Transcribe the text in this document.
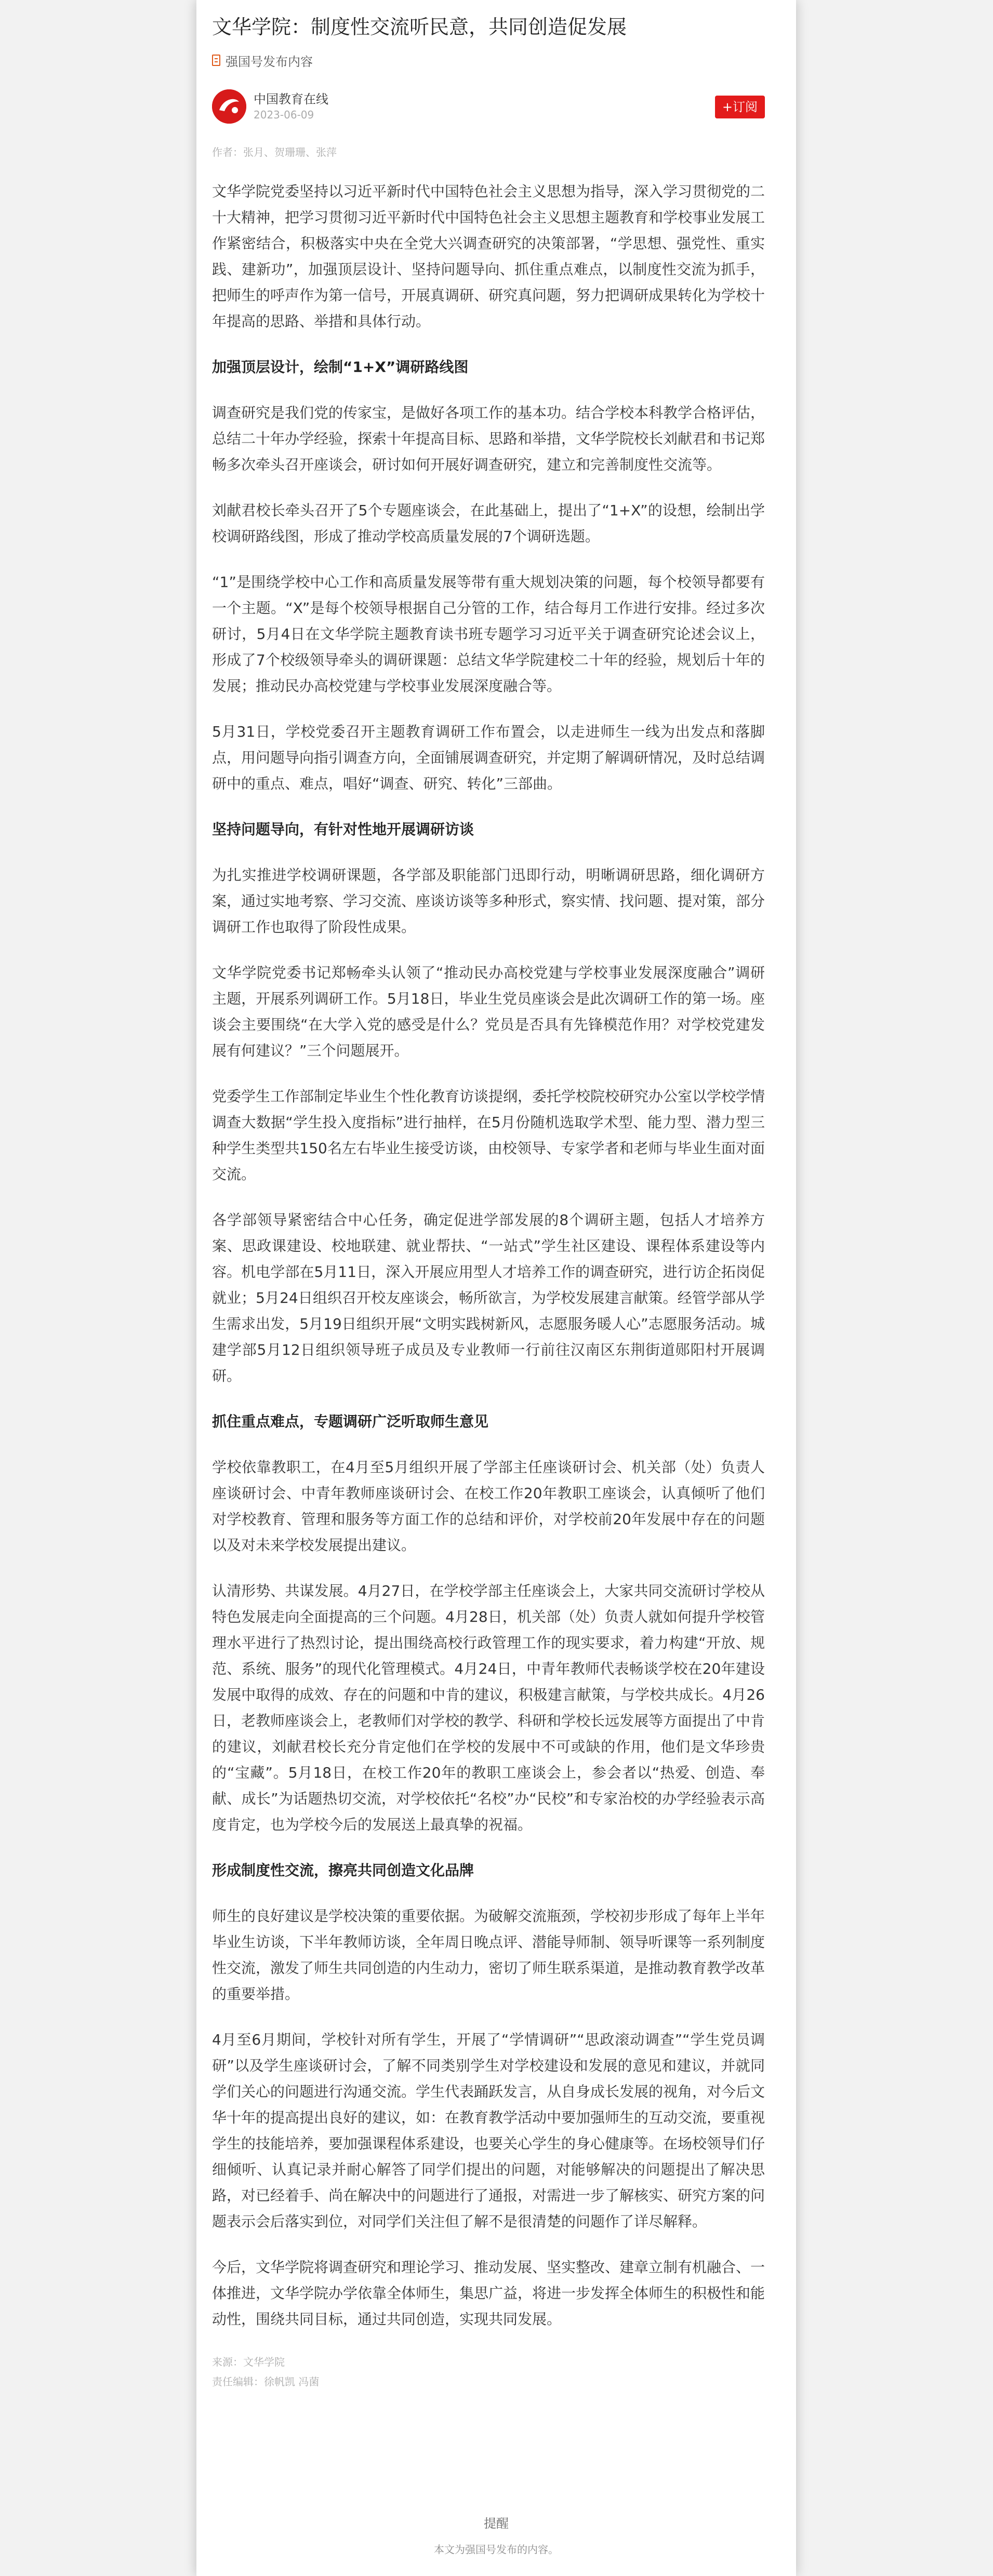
文华学院：制度性交流听民意，共同创造促发展
强国号发布内容
中国教育在线
2023-06-09
+订阅
作者：张月、贺珊珊、张萍

文华学院党委坚持以习近平新时代中国特色社会主义思想为指导，深入学习贯彻党的二十大精神，把学习贯彻习近平新时代中国特色社会主义思想主题教育和学校事业发展工作紧密结合，积极落实中央在全党大兴调查研究的决策部署，“学思想、强党性、重实践、建新功”，加强顶层设计、坚持问题导向、抓住重点难点，以制度性交流为抓手，把师生的呼声作为第一信号，开展真调研、研究真问题，努力把调研成果转化为学校十年提高的思路、举措和具体行动。

加强顶层设计，绘制“1+X”调研路线图

调查研究是我们党的传家宝，是做好各项工作的基本功。结合学校本科教学合格评估，总结二十年办学经验，探索十年提高目标、思路和举措，文华学院校长刘献君和书记郑畅多次牵头召开座谈会，研讨如何开展好调查研究，建立和完善制度性交流等。

刘献君校长牵头召开了5个专题座谈会，在此基础上，提出了“1+X”的设想，绘制出学校调研路线图，形成了推动学校高质量发展的7个调研选题。

“1”是围绕学校中心工作和高质量发展等带有重大规划决策的问题，每个校领导都要有一个主题。“X”是每个校领导根据自己分管的工作，结合每月工作进行安排。经过多次研讨，5月4日在文华学院主题教育读书班专题学习习近平关于调查研究论述会议上，形成了7个校级领导牵头的调研课题：总结文华学院建校二十年的经验，规划后十年的发展；推动民办高校党建与学校事业发展深度融合等。

5月31日，学校党委召开主题教育调研工作布置会，以走进师生一线为出发点和落脚点，用问题导向指引调查方向，全面铺展调查研究，并定期了解调研情况，及时总结调研中的重点、难点，唱好“调查、研究、转化”三部曲。

坚持问题导向，有针对性地开展调研访谈

为扎实推进学校调研课题，各学部及职能部门迅即行动，明晰调研思路，细化调研方案，通过实地考察、学习交流、座谈访谈等多种形式，察实情、找问题、提对策，部分调研工作也取得了阶段性成果。

文华学院党委书记郑畅牵头认领了“推动民办高校党建与学校事业发展深度融合”调研主题，开展系列调研工作。5月18日，毕业生党员座谈会是此次调研工作的第一场。座谈会主要围绕“在大学入党的感受是什么？党员是否具有先锋模范作用？对学校党建发展有何建议？”三个问题展开。

党委学生工作部制定毕业生个性化教育访谈提纲，委托学校院校研究办公室以学校学情调查大数据“学生投入度指标”进行抽样，在5月份随机选取学术型、能力型、潜力型三种学生类型共150名左右毕业生接受访谈，由校领导、专家学者和老师与毕业生面对面交流。

各学部领导紧密结合中心任务，确定促进学部发展的8个调研主题，包括人才培养方案、思政课建设、校地联建、就业帮扶、“一站式”学生社区建设、课程体系建设等内容。机电学部在5月11日，深入开展应用型人才培养工作的调查研究，进行访企拓岗促就业；5月24日组织召开校友座谈会，畅所欲言，为学校发展建言献策。经管学部从学生需求出发，5月19日组织开展“文明实践树新风，志愿服务暖人心”志愿服务活动。城建学部5月12日组织领导班子成员及专业教师一行前往汉南区东荆街道郧阳村开展调研。

抓住重点难点，专题调研广泛听取师生意见

学校依靠教职工，在4月至5月组织开展了学部主任座谈研讨会、机关部（处）负责人座谈研讨会、中青年教师座谈研讨会、在校工作20年教职工座谈会，认真倾听了他们对学校教育、管理和服务等方面工作的总结和评价，对学校前20年发展中存在的问题以及对未来学校发展提出建议。

认清形势、共谋发展。4月27日，在学校学部主任座谈会上，大家共同交流研讨学校从特色发展走向全面提高的三个问题。4月28日，机关部（处）负责人就如何提升学校管理水平进行了热烈讨论，提出围绕高校行政管理工作的现实要求，着力构建“开放、规范、系统、服务”的现代化管理模式。4月24日，中青年教师代表畅谈学校在20年建设发展中取得的成效、存在的问题和中肯的建议，积极建言献策，与学校共成长。4月26日，老教师座谈会上，老教师们对学校的教学、科研和学校长远发展等方面提出了中肯的建议，刘献君校长充分肯定他们在学校的发展中不可或缺的作用，他们是文华珍贵的“宝藏”。5月18日，在校工作20年的教职工座谈会上，参会者以“热爱、创造、奉献、成长”为话题热切交流，对学校依托“名校”办“民校”和专家治校的办学经验表示高度肯定，也为学校今后的发展送上最真挚的祝福。

形成制度性交流，擦亮共同创造文化品牌

师生的良好建议是学校决策的重要依据。为破解交流瓶颈，学校初步形成了每年上半年毕业生访谈，下半年教师访谈，全年周日晚点评、潜能导师制、领导听课等一系列制度性交流，激发了师生共同创造的内生动力，密切了师生联系渠道，是推动教育教学改革的重要举措。

4月至6月期间，学校针对所有学生，开展了“学情调研”“思政滚动调查”“学生党员调研”以及学生座谈研讨会，了解不同类别学生对学校建设和发展的意见和建议，并就同学们关心的问题进行沟通交流。学生代表踊跃发言，从自身成长发展的视角，对今后文华十年的提高提出良好的建议，如：在教育教学活动中要加强师生的互动交流，要重视学生的技能培养，要加强课程体系建设，也要关心学生的身心健康等。在场校领导们仔细倾听、认真记录并耐心解答了同学们提出的问题，对能够解决的问题提出了解决思路，对已经着手、尚在解决中的问题进行了通报，对需进一步了解核实、研究方案的问题表示会后落实到位，对同学们关注但了解不是很清楚的问题作了详尽解释。

今后，文华学院将调查研究和理论学习、推动发展、坚实整改、建章立制有机融合、一体推进，文华学院办学依靠全体师生，集思广益，将进一步发挥全体师生的积极性和能动性，围绕共同目标，通过共同创造，实现共同发展。

来源：文华学院
责任编辑：徐帆凯 冯菌
提醒
本文为强国号发布的内容。
